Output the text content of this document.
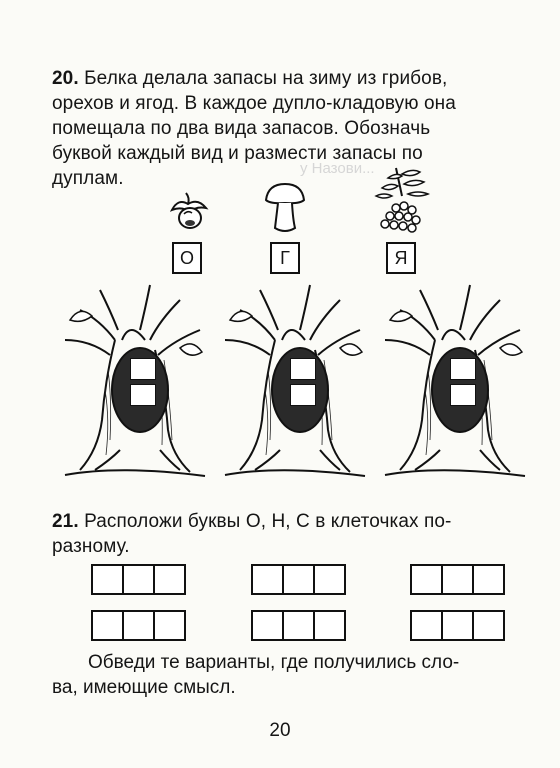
у Назови...
20. Белка делала запасы на зиму из грибов,
орехов и ягод. В каждое дупло-кладовую она
помещала по два вида запасов. Обозначь
буквой каждый вид и размести запасы по
дуплам.
О	Г	Я
21. Расположи буквы О, Н, С в клеточках по-
разному.
Обведи те варианты, где получились сло-
ва, имеющие смысл.
20
